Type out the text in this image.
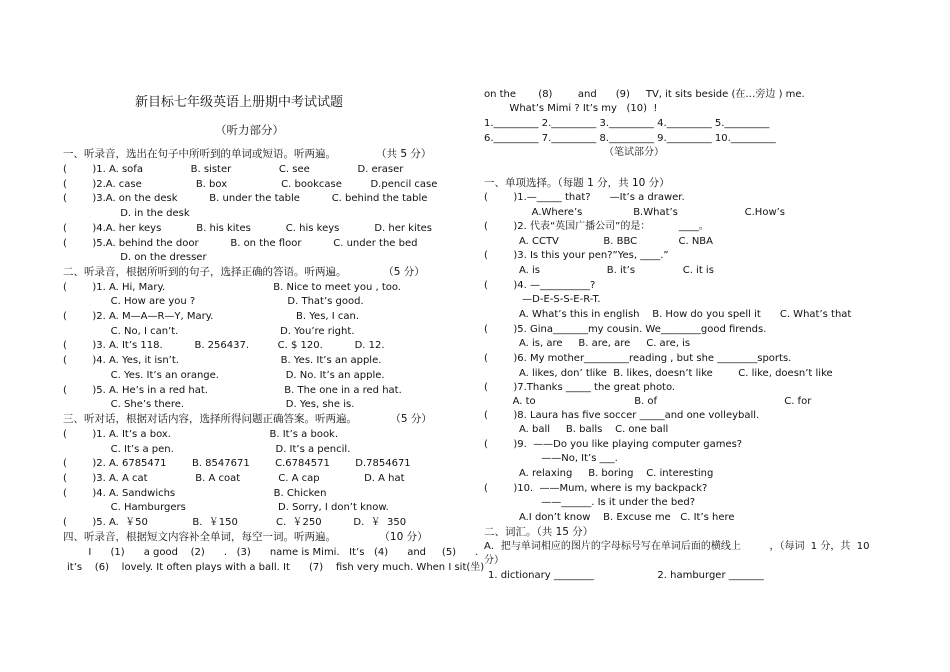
新目标七年级英语上册期中考试试题
（听力部分）
一、听录音，选出在句子中所听到的单词或短语。听两遍。            （共 5 分）
(        )1. A. sofa               B. sister               C. see               D. eraser
(        )2.A. case                 B. box                 C. bookcase         D.pencil case
(        )3.A. on the desk          B. under the table          C. behind the table
D. in the desk
(        )4.A. her keys           B. his kites           C. his keys           D. her kites
(        )5.A. behind the door          B. on the floor          C. under the bed
D. on the dresser
二、听录音，根据所听到的句子，选择正确的答语。听两遍。           （5 分）
(        )1. A. Hi, Mary.                                  B. Nice to meet you , too.
C. How are you ?                             D. That’s good.
(        )2. A. M—A—R—Y, Mary.                          B. Yes, I can.
C. No, I can’t.                                D. You’re right.
(        )3. A. It’s 118.          B. 256437.         C. $ 120.          D. 12.
(        )4. A. Yes, it isn’t.                                B. Yes. It’s an apple.
C. Yes. It’s an orange.                     D. No. It’s an apple.
(        )5. A. He’s in a red hat.                        B. The one in a red hat.
C. She’s there.                                D. Yes, she is.
三、听对话，根据对话内容，选择所得问题正确答案。听两遍。          （5 分）
(        )1. A. It’s a box.                               B. It’s a book.
C. It’s a pen.                                D. It’s a pencil.
(        )2. A. 6785471        B. 8547671        C.6784571        D.7854671
(        )3. A. A cat               B. A coat            C. A cap              D. A hat
(        )4. A. Sandwichs                               B. Chicken
C. Hamburgers                             D. Sorry, I don’t know.
(        )5. A.  ￥50              B.  ￥150            C.  ￥250          D.  ￥  350
四、听录音，根据短文内容补全单词，每空一词。听两遍。             （10 分）
I      (1)      a good    (2)      .   (3)      name is Mimi.   It’s   (4)      and     (5)      .
it’s    (6)    lovely. It often plays with a ball. It      (7)    fish very much. When I sit(坐)
on the       (8)        and      (9)     TV, it sits beside (在…旁边 ) me.
What’s Mimi ? It’s my   (10)  !
1._________ 2._________ 3._________ 4._________ 5._________
6._________ 7._________ 8._________ 9._________ 10._________
（笔试部分）
一、单项选择。（每题 1 分，共 10 分）
(        )1.—_____ that?      —It’s a drawer.
A.Where’s                B.What’s                     C.How’s
(        )2. 代表“英国广播公司”的是：         ____。
A. CCTV              B. BBC             C. NBA
(        )3. Is this your pen?”Yes, ____.”
A. is                     B. it’s               C. it is
(        )4. —__________?
—D-E-S-S-E-R-T.
A. What’s this in english    B. How do you spell it      C. What’s that
(        )5. Gina_______my cousin. We________good firends.
A. is, are     B. are, are     C. are, is
(        )6. My mother_________reading , but she ________sports.
A. likes, don’ tlike  B. likes, doesn’t like        C. like, doesn’t like
(        )7.Thanks _____ the great photo.
A. to                               B. of                                        C. for
(        )8. Laura has five soccer _____and one volleyball.
A. ball     B. balls    C. one ball
(        )9.  ——Do you like playing computer games?
——No, It’s ___.
A. relaxing     B. boring    C. interesting
(        )10.  ——Mum, where is my backpack?
——______. Is it under the bed?
A.I don’t know    B. Excuse me   C. It’s here
二、词汇。（共 15 分）
A．把与单词相应的图片的字母标号写在单词后面的横线上         ，（每词  1 分，共  10
分）
1. dictionary ________                    2. hamburger _______
